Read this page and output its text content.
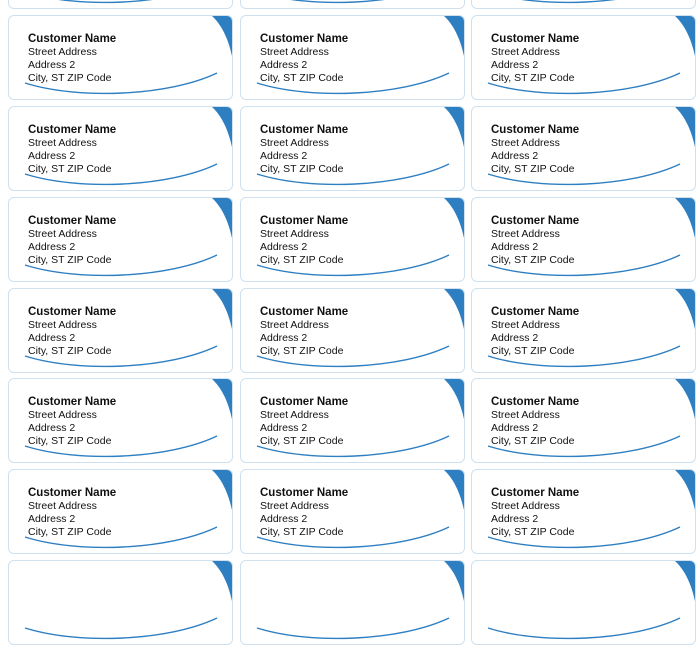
Customer Name
Street Address
Address 2
City, ST ZIP Code
Customer Name
Street Address
Address 2
City, ST ZIP Code
Customer Name
Street Address
Address 2
City, ST ZIP Code
Customer Name
Street Address
Address 2
City, ST ZIP Code
Customer Name
Street Address
Address 2
City, ST ZIP Code
Customer Name
Street Address
Address 2
City, ST ZIP Code
Customer Name
Street Address
Address 2
City, ST ZIP Code
Customer Name
Street Address
Address 2
City, ST ZIP Code
Customer Name
Street Address
Address 2
City, ST ZIP Code
Customer Name
Street Address
Address 2
City, ST ZIP Code
Customer Name
Street Address
Address 2
City, ST ZIP Code
Customer Name
Street Address
Address 2
City, ST ZIP Code
Customer Name
Street Address
Address 2
City, ST ZIP Code
Customer Name
Street Address
Address 2
City, ST ZIP Code
Customer Name
Street Address
Address 2
City, ST ZIP Code
Customer Name
Street Address
Address 2
City, ST ZIP Code
Customer Name
Street Address
Address 2
City, ST ZIP Code
Customer Name
Street Address
Address 2
City, ST ZIP Code
